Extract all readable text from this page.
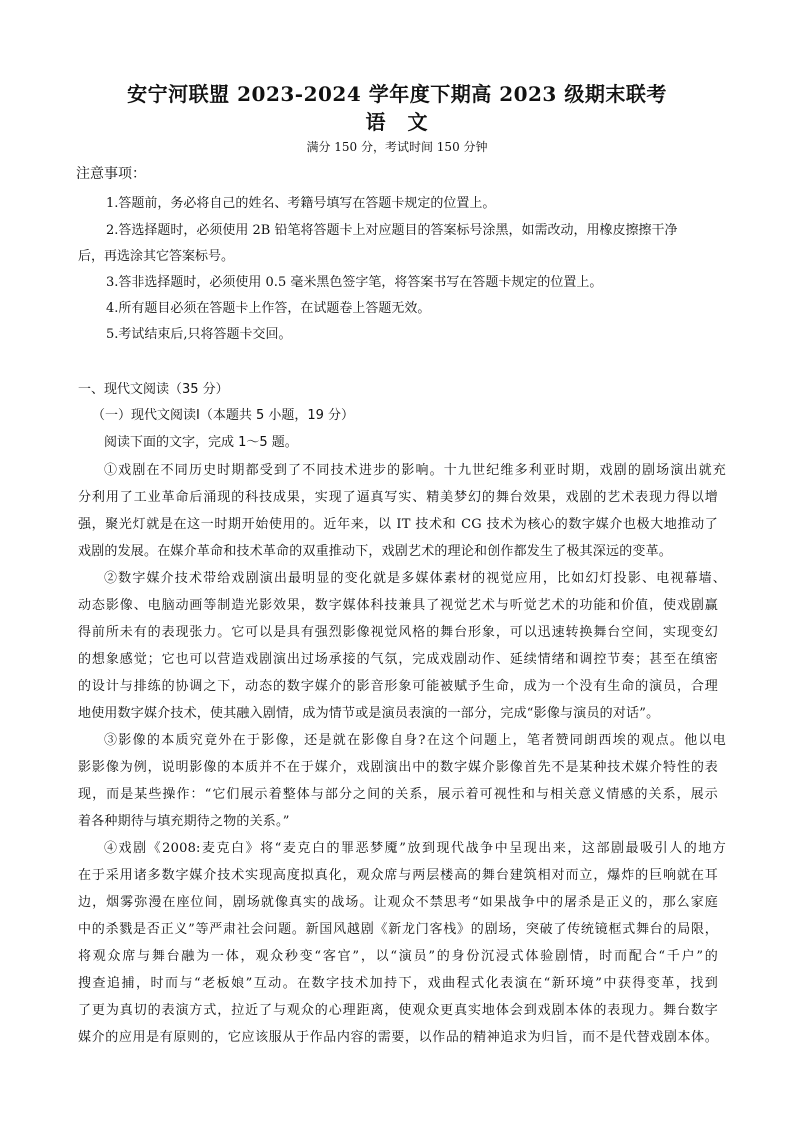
安宁河联盟 2023-2024 学年度下期高 2023 级期末联考
语　文
满分 150 分，考试时间 150 分钟
注意事项：
1.答题前，务必将自己的姓名、考籍号填写在答题卡规定的位置上。
2.答选择题时，必须使用 2B 铅笔将答题卡上对应题目的答案标号涂黑，如需改动，用橡皮擦擦干净
后，再选涂其它答案标号。
3.答非选择题时，必须使用 0.5 毫米黑色签字笔，将答案书写在答题卡规定的位置上。
4.所有题目必须在答题卡上作答，在试题卷上答题无效。
5.考试结束后,只将答题卡交回。
一、现代文阅读（35 分）
（一）现代文阅读Ⅰ（本题共 5 小题，19 分）
阅读下面的文字，完成 1～5 题。
①戏剧在不同历史时期都受到了不同技术进步的影响。十九世纪维多利亚时期，戏剧的剧场演出就充
分利用了工业革命后涌现的科技成果，实现了逼真写实、精美梦幻的舞台效果，戏剧的艺术表现力得以增
强，聚光灯就是在这一时期开始使用的。近年来，以 IT 技术和 CG 技术为核心的数字媒介也极大地推动了
戏剧的发展。在媒介革命和技术革命的双重推动下，戏剧艺术的理论和创作都发生了极其深远的变革。
②数字媒介技术带给戏剧演出最明显的变化就是多媒体素材的视觉应用，比如幻灯投影、电视幕墙、
动态影像、电脑动画等制造光影效果，数字媒体科技兼具了视觉艺术与听觉艺术的功能和价值，使戏剧赢
得前所未有的表现张力。它可以是具有强烈影像视觉风格的舞台形象，可以迅速转换舞台空间，实现变幻
的想象感觉；它也可以营造戏剧演出过场承接的气氛，完成戏剧动作、延续情绪和调控节奏；甚至在缜密
的设计与排练的协调之下，动态的数字媒介的影音形象可能被赋予生命，成为一个没有生命的演员，合理
地使用数字媒介技术，使其融入剧情，成为情节或是演员表演的一部分，完成“影像与演员的对话”。
③影像的本质究竟外在于影像，还是就在影像自身?在这个问题上，笔者赞同朗西埃的观点。他以电
影影像为例，说明影像的本质并不在于媒介，戏剧演出中的数字媒介影像首先不是某种技术媒介特性的表
现，而是某些操作：“它们展示着整体与部分之间的关系，展示着可视性和与相关意义情感的关系，展示
着各种期待与填充期待之物的关系。”
④戏剧《2008:麦克白》将“麦克白的罪恶梦魇”放到现代战争中呈现出来，这部剧最吸引人的地方
在于采用诸多数字媒介技术实现高度拟真化，观众席与两层楼高的舞台建筑相对而立，爆炸的巨响就在耳
边，烟雾弥漫在座位间，剧场就像真实的战场。让观众不禁思考“如果战争中的屠杀是正义的，那么家庭
中的杀戮是否正义”等严肃社会问题。新国风越剧《新龙门客栈》的剧场，突破了传统镜框式舞台的局限，
将观众席与舞台融为一体，观众秒变“客官”，以“演员”的身份沉浸式体验剧情，时而配合“千户”的
搜查追捕，时而与“老板娘”互动。在数字技术加持下，戏曲程式化表演在“新环境”中获得变革，找到
了更为真切的表演方式，拉近了与观众的心理距离，使观众更真实地体会到戏剧本体的表现力。舞台数字
媒介的应用是有原则的，它应该服从于作品内容的需要，以作品的精神追求为归旨，而不是代替戏剧本体。
